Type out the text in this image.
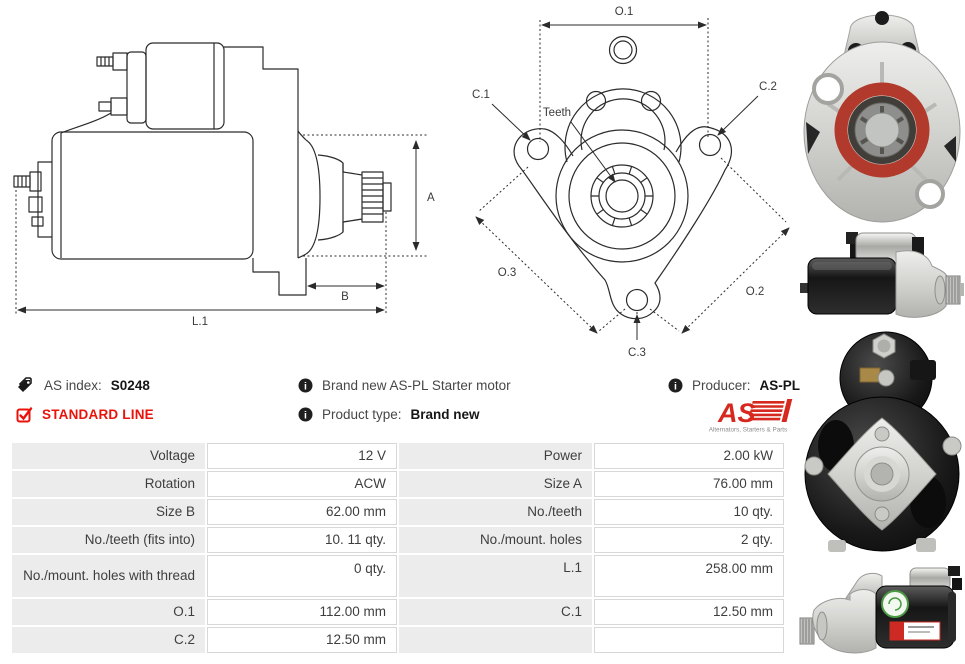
A
B
L.1
O.1
C.1
C.2
Teeth
O.3
O.2
C.3
AS index: S0248
STANDARD LINE
i Brand new AS-PL Starter motor
i Product type: Brand new
i Producer: AS-PL
AS
Alternators, Starters & Parts
Voltage	12 V	Power	2.00 kW
Rotation	ACW	Size A	76.00 mm
Size B	62.00 mm	No./teeth	10 qty.
No./teeth (fits into)	10. 11 qty.	No./mount. holes	2 qty.
No./mount. holes with thread	0 qty.	L.1	258.00 mm
O.1	112.00 mm	C.1	12.50 mm
C.2	12.50 mm
